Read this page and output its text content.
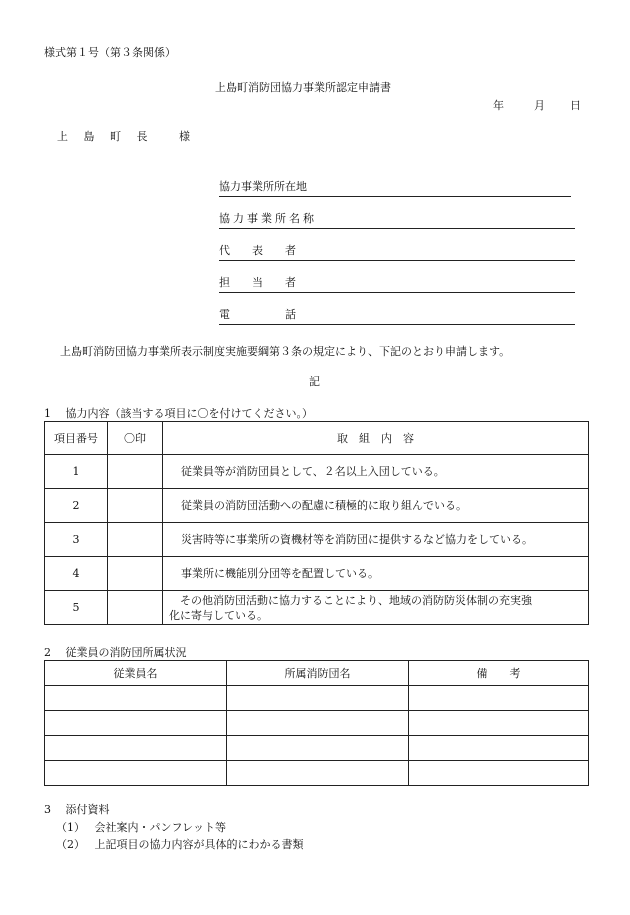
様式第１号（第３条関係）
上島町消防団協力事業所認定申請書
年	月 日
上 島 町 長	様
協力事業所所在地
協力事業所名称
代　　表　　者
担　　当　　者
電　　　　　話
上島町消防団協力事業所表示制度実施要綱第３条の規定により、下記のとおり申請します。
記
1　 協力内容（該当する項目に〇を付けてください。）
項目番号	〇印	取　組　内　容
1		従業員等が消防団員として、２名以上入団している。
2		従業員の消防団活動への配慮に積極的に取り組んでいる。
3		災害時等に事業所の資機材等を消防団に提供するなど協力をしている。
4		事業所に機能別分団等を配置している。
5		　その他消防団活動に協力することにより、地域の消防防災体制の充実強
化に寄与している。
2　 従業員の消防団所属状況
従業員名	所属消防団名	備　　考

3　 添付資料
（1） 会社案内・パンフレット等
（2） 上記項目の協力内容が具体的にわかる書類
